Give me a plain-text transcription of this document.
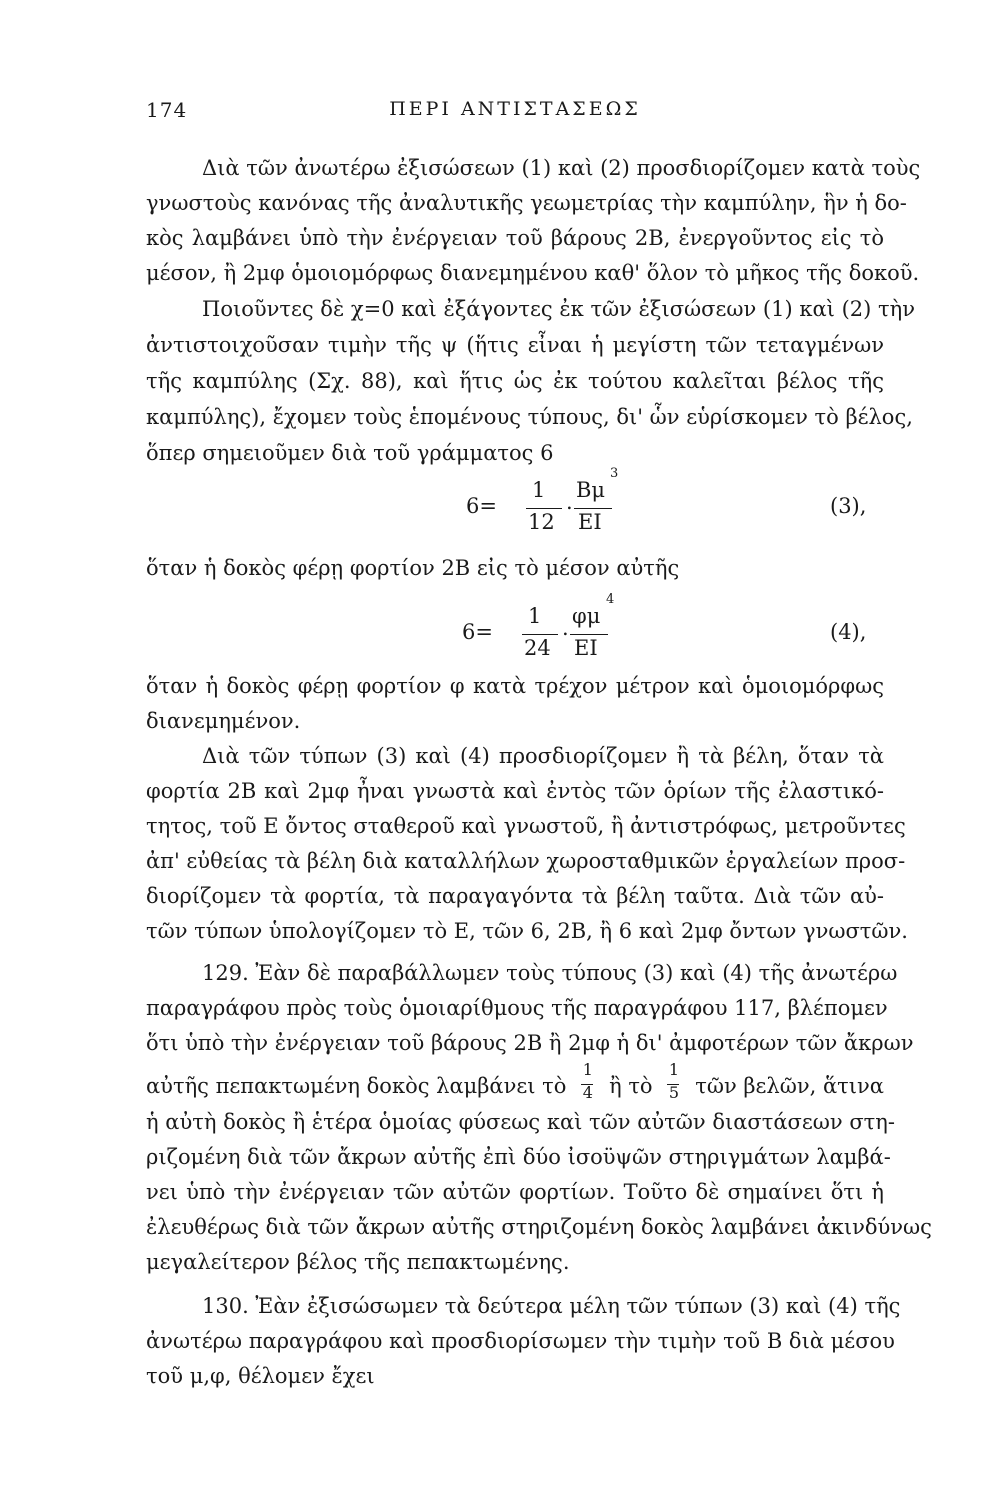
174	ΠΕΡΙ ΑΝΤΙΣΤΑΣΕΩΣ
Διὰ τῶν ἀνωτέρω ἐξισώσεων (1) καὶ (2) προσδιορίζομεν κατὰ τοὺς
γνωστοὺς κανόνας τῆς ἀναλυτικῆς γεωμετρίας τὴν καμπύλην, ἣν ἡ δο-
κὸς λαμβάνει ὑπὸ τὴν ἐνέργειαν τοῦ βάρους 2B, ἐνεργοῦντος εἰς τὸ
μέσον, ἢ 2μφ ὁμοιομόρφως διανεμημένου καθ' ὅλον τὸ μῆκος τῆς δοκοῦ.
Ποιοῦντες δὲ χ=0 καὶ ἐξάγοντες ἐκ τῶν ἐξισώσεων (1) καὶ (2) τὴν
ἀντιστοιχοῦσαν τιμὴν τῆς ψ (ἥτις εἶναι ἡ μεγίστη τῶν τεταγμένων
τῆς καμπύλης (Σχ. 88), καὶ ἥτις ὡς ἐκ τούτου καλεῖται βέλος τῆς
καμπύλης), ἔχομεν τοὺς ἑπομένους τύπους, δι' ὧν εὑρίσκομεν τὸ βέλος,
ὅπερ σημειοῦμεν διὰ τοῦ γράμματος 6
6=
1
12
. Bμ
3
EI
(3),
ὅταν ἡ δοκὸς φέρῃ φορτίον 2B εἰς τὸ μέσον αὐτῆς
6=
1
24
. φμ
4
EI
(4),
ὅταν ἡ δοκὸς φέρῃ φορτίον φ κατὰ τρέχον μέτρον καὶ ὁμοιομόρφως
διανεμημένον.
Διὰ τῶν τύπων (3) καὶ (4) προσδιορίζομεν ἢ τὰ βέλη, ὅταν τὰ
φορτία 2B καὶ 2μφ ἦναι γνωστὰ καὶ ἐντὸς τῶν ὁρίων τῆς ἐλαστικό-
τητος, τοῦ E ὄντος σταθεροῦ καὶ γνωστοῦ, ἢ ἀντιστρόφως, μετροῦντες
ἀπ' εὐθείας τὰ βέλη διὰ καταλλήλων χωροσταθμικῶν ἐργαλείων προσ-
διορίζομεν τὰ φορτία, τὰ παραγαγόντα τὰ βέλη ταῦτα. Διὰ τῶν αὐ-
τῶν τύπων ὑπολογίζομεν τὸ E, τῶν 6, 2B, ἢ 6 καὶ 2μφ ὄντων γνωστῶν.
129. Ἐὰν δὲ παραβάλλωμεν τοὺς τύπους (3) καὶ (4) τῆς ἀνωτέρω
παραγράφου πρὸς τοὺς ὁμοιαρίθμους τῆς παραγράφου 117, βλέπομεν
ὅτι ὑπὸ τὴν ἐνέργειαν τοῦ βάρους 2B ἢ 2μφ ἡ δι' ἀμφοτέρων τῶν ἄκρων
αὐτῆς πεπακτωμένη δοκὸς λαμβάνει τὸ $\frac{1}{4}$ ἢ τὸ $\frac{1}{5}$ τῶν βελῶν, ἅτινα
ἡ αὐτὴ δοκὸς ἢ ἑτέρα ὁμοίας φύσεως καὶ τῶν αὐτῶν διαστάσεων στη-
ριζομένη διὰ τῶν ἄκρων αὐτῆς ἐπὶ δύο ἰσοϋψῶν στηριγμάτων λαμβά-
νει ὑπὸ τὴν ἐνέργειαν τῶν αὐτῶν φορτίων. Τοῦτο δὲ σημαίνει ὅτι ἡ
ἐλευθέρως διὰ τῶν ἄκρων αὐτῆς στηριζομένη δοκὸς λαμβάνει ἀκινδύνως
μεγαλείτερον βέλος τῆς πεπακτωμένης.
130. Ἐὰν ἐξισώσωμεν τὰ δεύτερα μέλη τῶν τύπων (3) καὶ (4) τῆς
ἀνωτέρω παραγράφου καὶ προσδιορίσωμεν τὴν τιμὴν τοῦ B διὰ μέσου
τοῦ μ,φ, θέλομεν ἔχει
